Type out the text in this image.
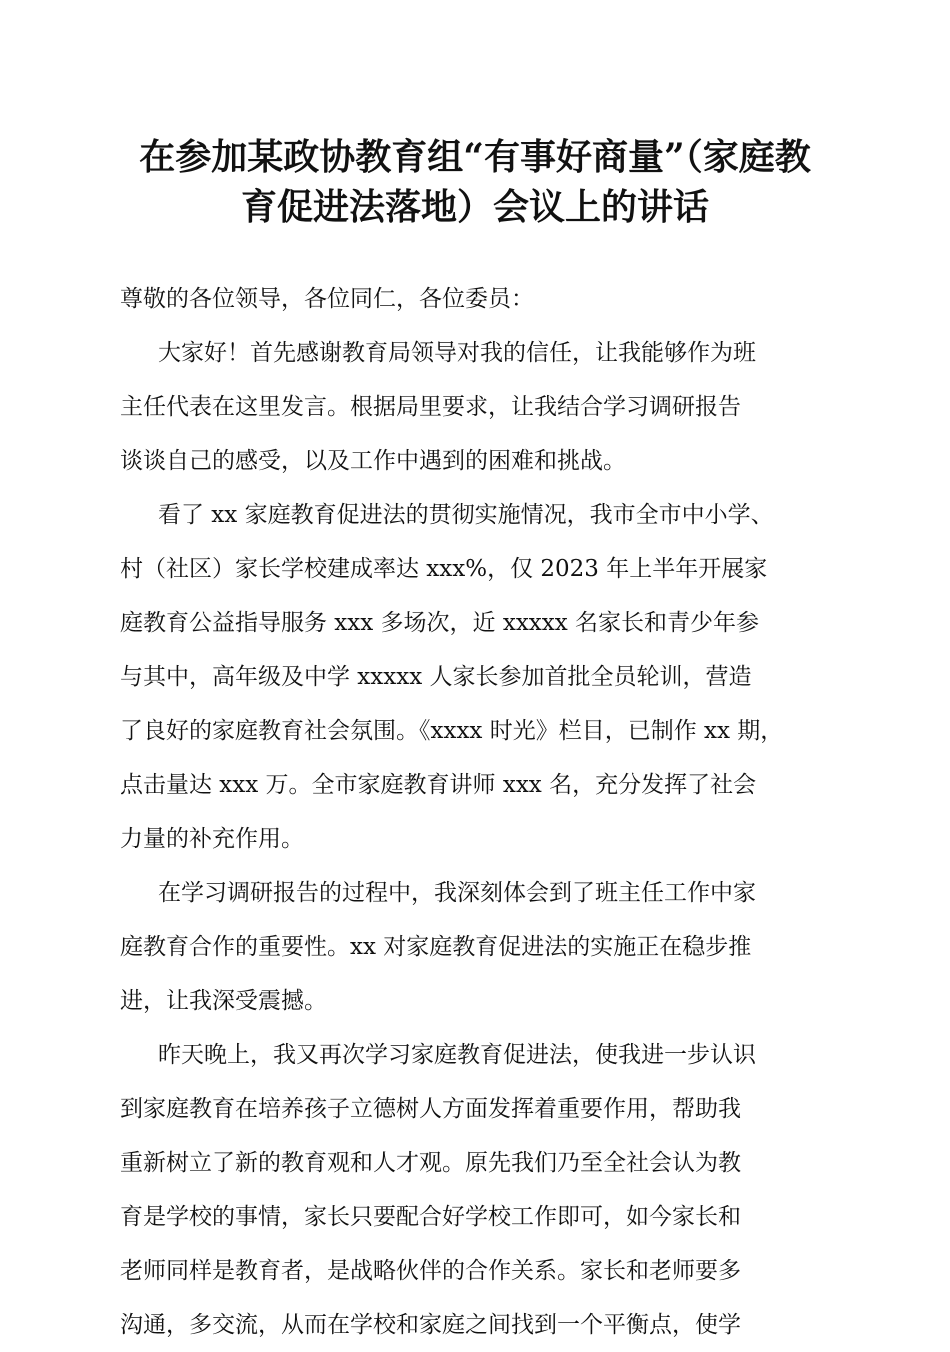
在参加某政协教育组“有事好商量”（家庭教
育促进法落地）会议上的讲话
尊敬的各位领导，各位同仁，各位委员：
大家好！首先感谢教育局领导对我的信任，让我能够作为班
主任代表在这里发言。根据局里要求，让我结合学习调研报告
谈谈自己的感受，以及工作中遇到的困难和挑战。
看了 xx 家庭教育促进法的贯彻实施情况，我市全市中小学、
村（社区）家长学校建成率达 xxx%，仅 2023 年上半年开展家
庭教育公益指导服务 xxx 多场次，近 xxxxx 名家长和青少年参
与其中，高年级及中学 xxxxx 人家长参加首批全员轮训，营造
了良好的家庭教育社会氛围。《xxxx 时光》栏目，已制作 xx 期，
点击量达 xxx 万。全市家庭教育讲师 xxx 名，充分发挥了社会
力量的补充作用。
在学习调研报告的过程中，我深刻体会到了班主任工作中家
庭教育合作的重要性。xx 对家庭教育促进法的实施正在稳步推
进，让我深受震撼。
昨天晚上，我又再次学习家庭教育促进法，使我进一步认识
到家庭教育在培养孩子立德树人方面发挥着重要作用，帮助我
重新树立了新的教育观和人才观。原先我们乃至全社会认为教
育是学校的事情，家长只要配合好学校工作即可，如今家长和
老师同样是教育者，是战略伙伴的合作关系。家长和老师要多
沟通，多交流，从而在学校和家庭之间找到一个平衡点，使学
